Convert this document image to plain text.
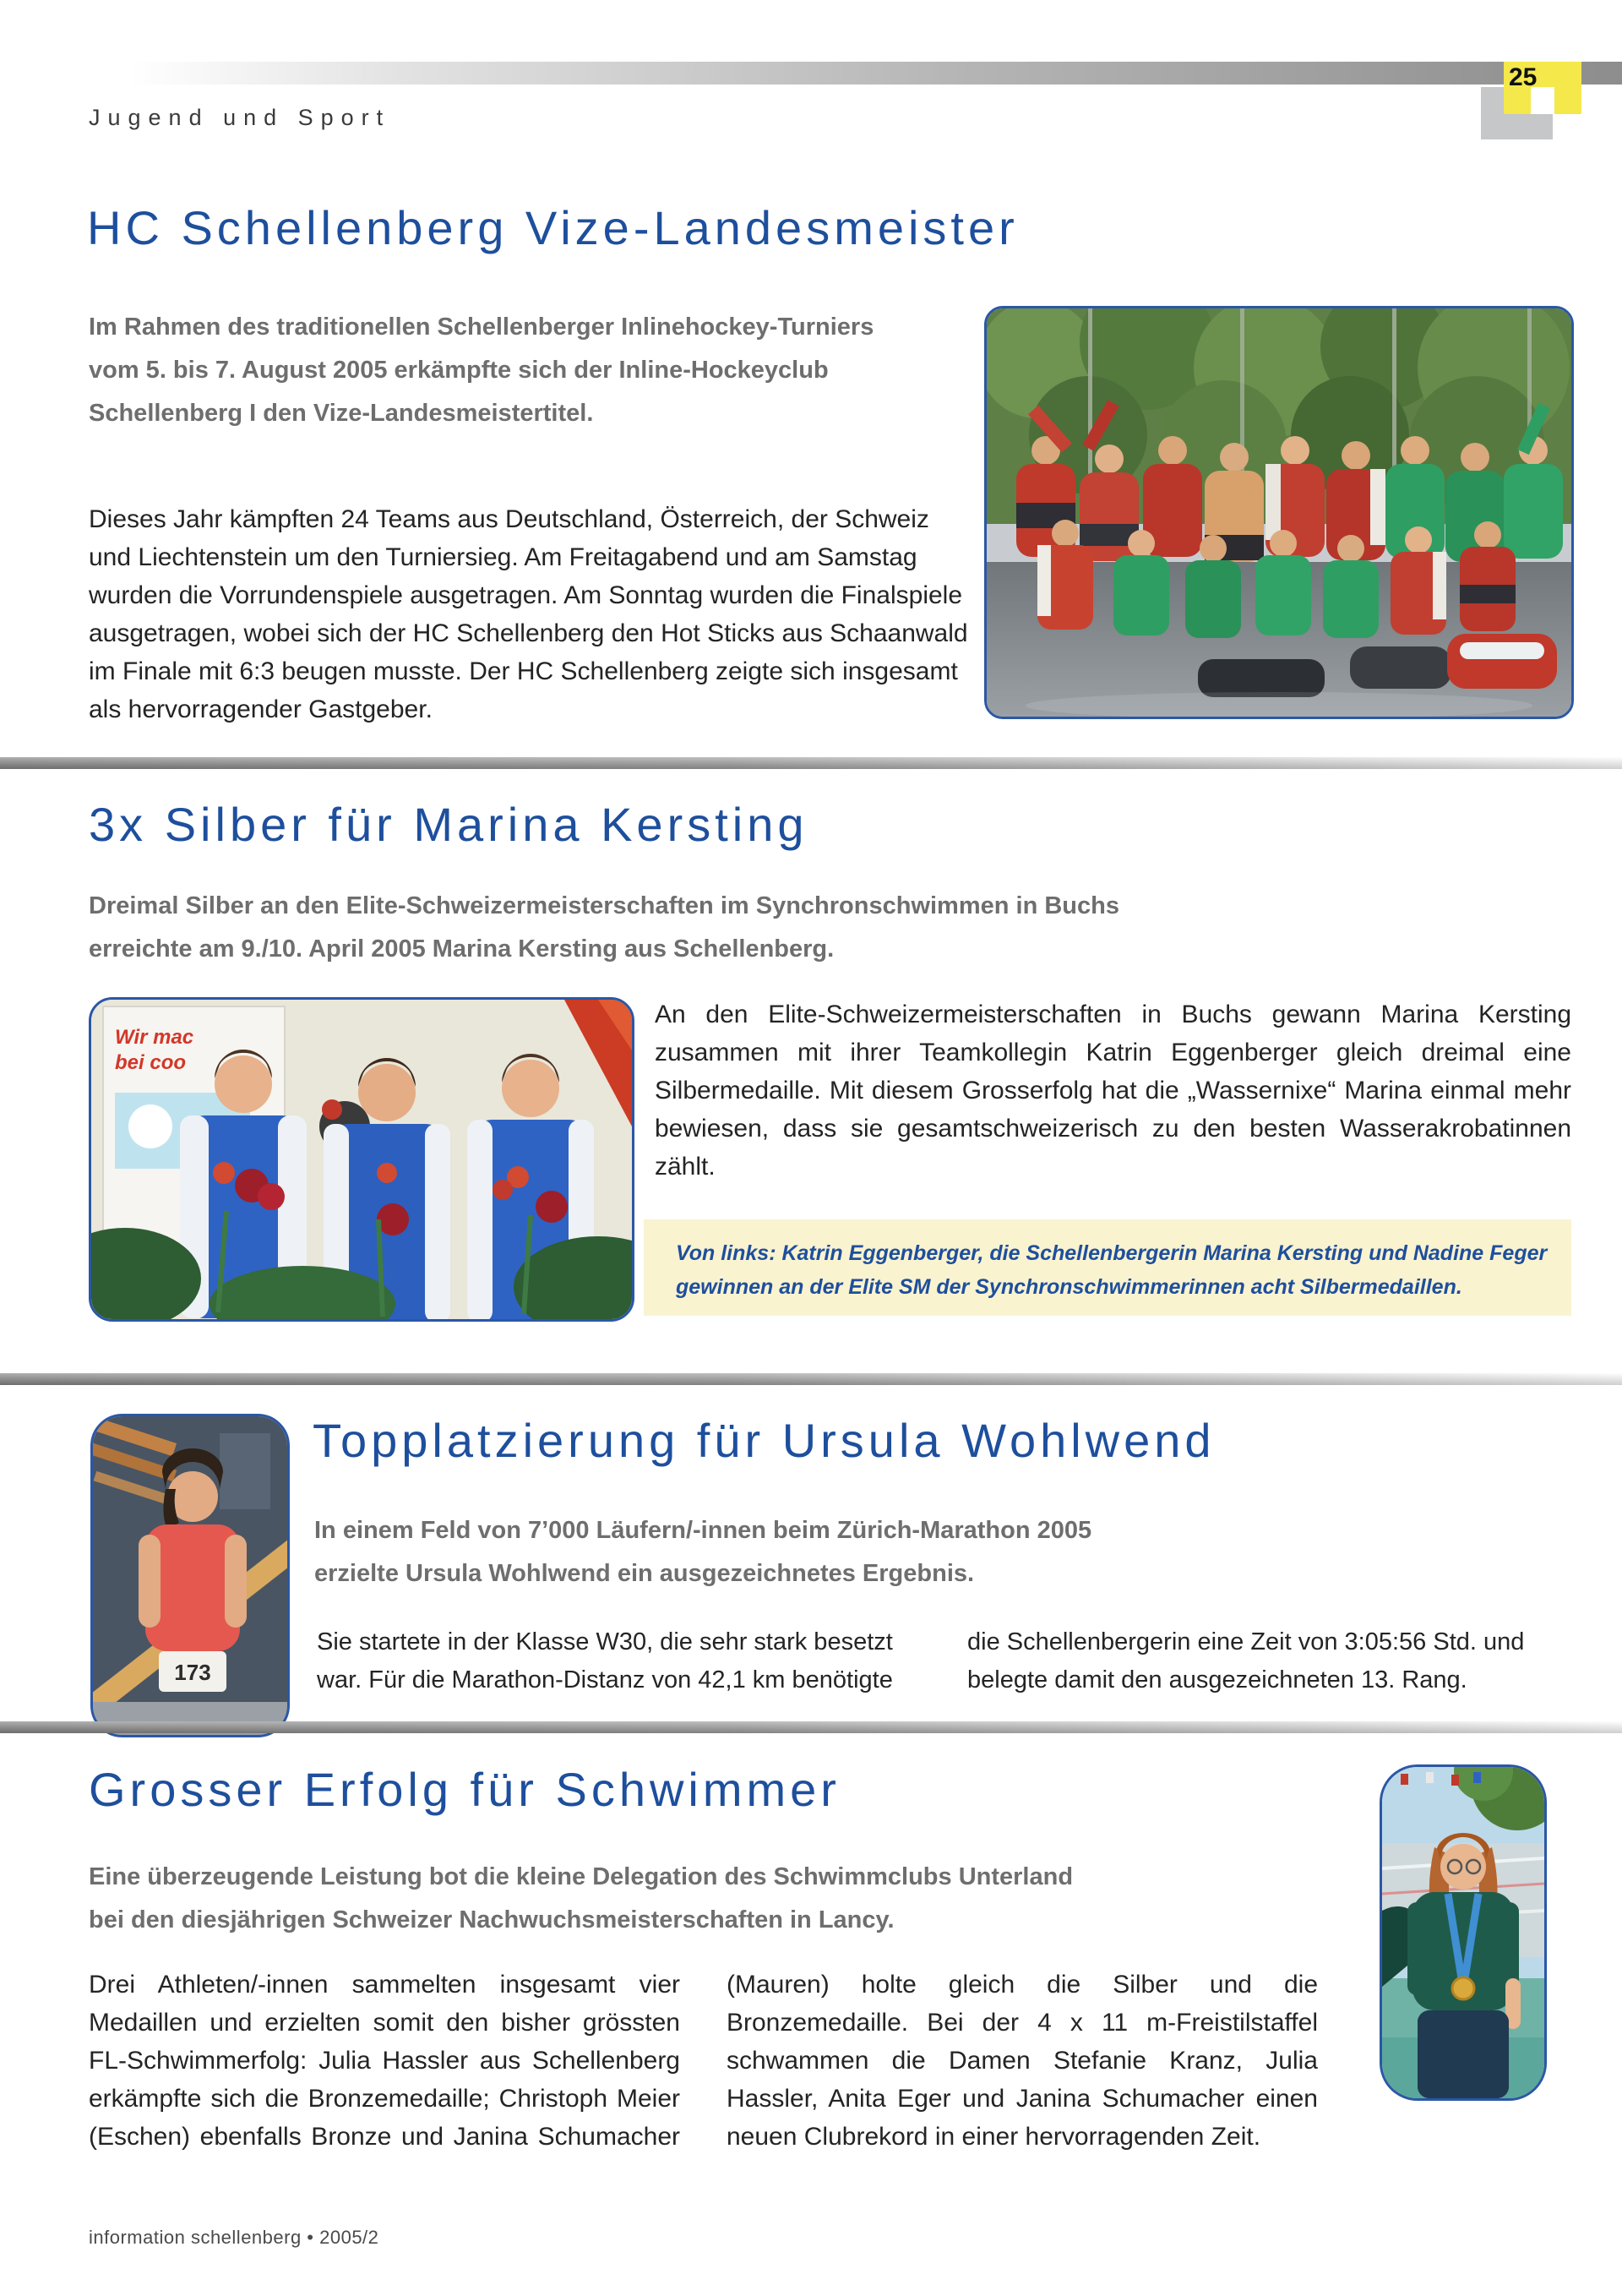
25
Jugend und Sport
HC Schellenberg Vize-Landesmeister
Im Rahmen des traditionellen Schellenberger Inlinehockey-Turniers vom 5. bis 7. August 2005 erkämpfte sich der Inline-Hockeyclub Schellenberg I den Vize-Landesmeistertitel.
Dieses Jahr kämpften 24 Teams aus Deutschland, Österreich, der Schweiz und Liechtenstein um den Turniersieg. Am Freitagabend und am Samstag wurden die Vorrundenspiele ausgetragen. Am Sonntag wurden die Finalspiele ausgetragen, wobei sich der HC Schellenberg den Hot Sticks aus Schaanwald im Finale mit 6:3 beugen musste. Der HC Schellenberg zeigte sich insgesamt als hervorragender Gastgeber.
3x Silber für Marina Kersting
Dreimal Silber an den Elite-Schweizermeisterschaften im Synchronschwimmen in Buchs erreichte am 9./10. April 2005 Marina Kersting aus Schellenberg.
Wir mac
bei coo
An den Elite-Schweizermeisterschaften in Buchs gewann Marina Kersting zusammen mit ihrer Teamkollegin Katrin Eggenberger gleich dreimal eine Silbermedaille. Mit diesem Grosserfolg hat die „Wassernixe“ Marina einmal mehr bewiesen, dass sie gesamtschweizerisch zu den besten Wasserakrobatinnen zählt.
Von links: Katrin Eggenberger, die Schellenbergerin Marina Kersting und Nadine Feger gewinnen an der Elite SM der Synchronschwimmerinnen acht Silbermedaillen.
173
Topplatzierung für Ursula Wohlwend
In einem Feld von 7’000 Läufern/-innen beim Zürich-Marathon 2005 erzielte Ursula Wohlwend ein ausgezeichnetes Ergebnis.
Sie startete in der Klasse W30, die sehr stark besetzt war. Für die Marathon-Distanz von 42,1 km benötigte die Schellenbergerin eine Zeit von 3:05:56 Std. und belegte damit den ausgezeichneten 13. Rang.
Grosser Erfolg für Schwimmer
Eine überzeugende Leistung bot die kleine Delegation des Schwimmclubs Unterland bei den diesjährigen Schweizer Nachwuchsmeisterschaften in Lancy.
Drei Athleten/-innen sammelten insgesamt vier Medaillen und erzielten somit den bisher grössten FL-Schwimmerfolg: Julia Hassler aus Schellenberg erkämpfte sich die Bronzemedaille; Christoph Meier (Eschen) ebenfalls Bronze und Janina Schumacher (Mauren) holte gleich die Silber und die Bronzemedaille. Bei der 4 x 11 m-Freistilstaffel schwammen die Damen Stefanie Kranz, Julia Hassler, Anita Eger und Janina Schumacher einen neuen Clubrekord in einer hervorragenden Zeit.
information schellenberg • 2005/2
